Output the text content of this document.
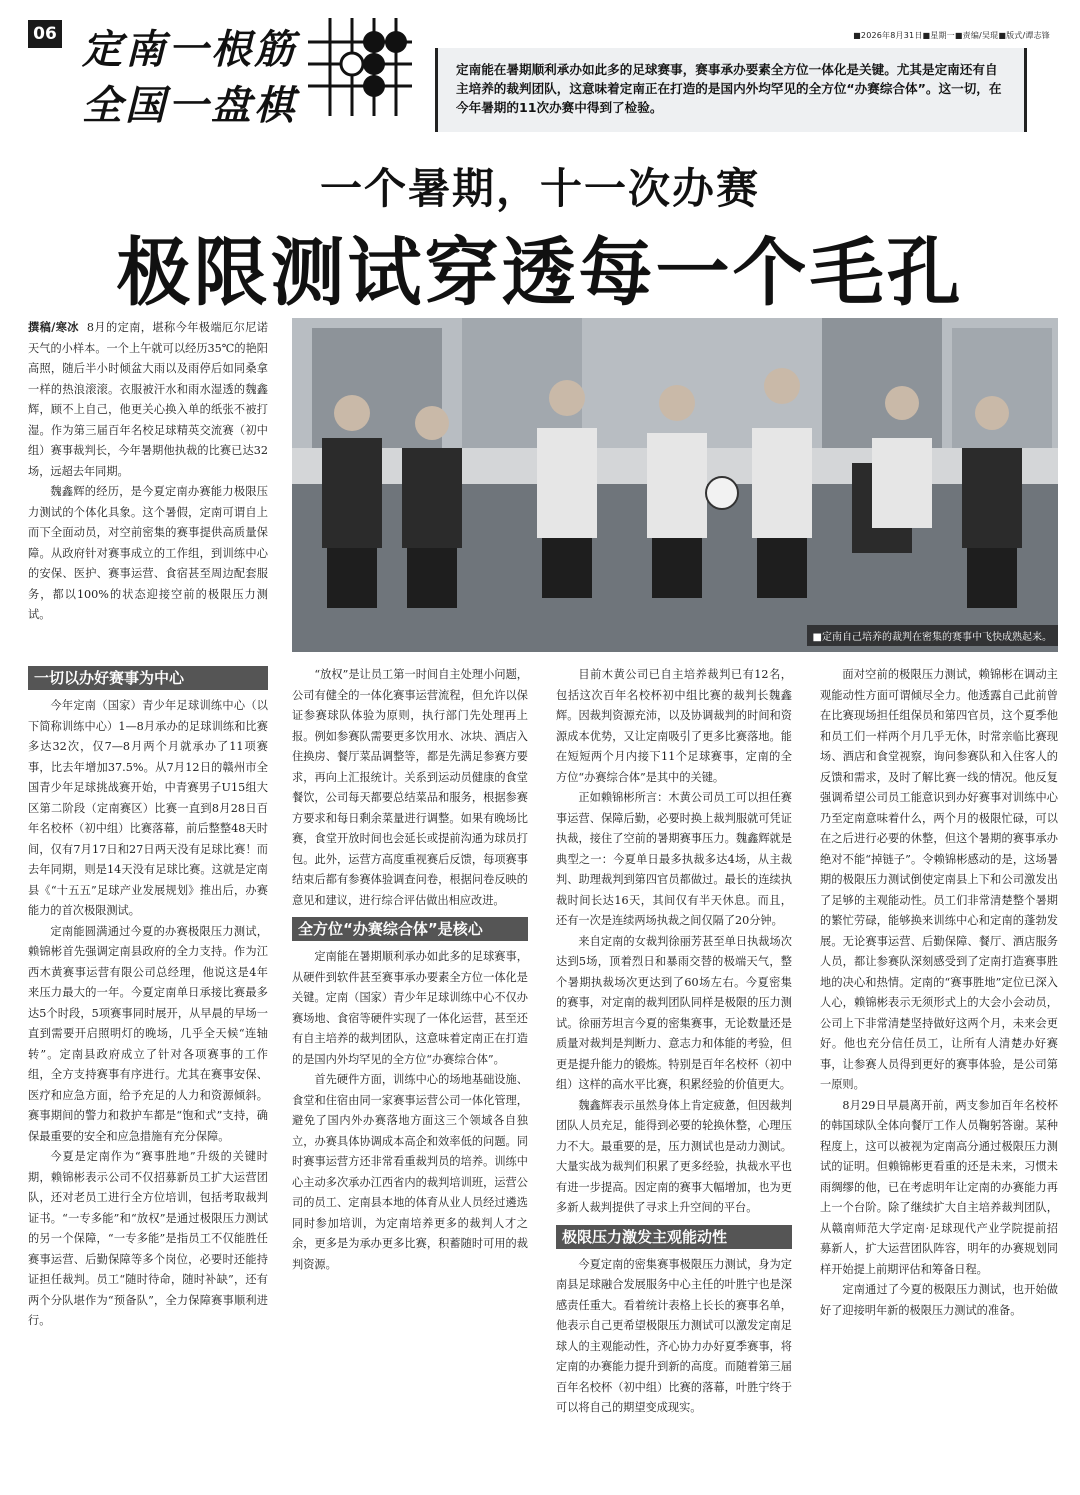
06 定南一根筋
全国一盘棋
■2026年8月31日■星期一■责编/吴琨■版式/谭志锋

定南能在暑期顺利承办如此多的足球赛事，赛事承办要素全方位一体化是关键。尤其是定南还有自主培养的裁判团队，这意味着定南正在打造的是国内外均罕见的全方位“办赛综合体”。这一切，在今年暑期的11次办赛中得到了检验。

一个暑期，十一次办赛
极限测试穿透每一个毛孔
■定南自己培养的裁判在密集的赛事中飞快成熟起来。

撰稿/寒冰 8月的定南，堪称今年极端厄尔尼诺天气的小样本。一个上午就可以经历35℃的艳阳高照，随后半小时倾盆大雨以及雨停后如同桑拿一样的热浪滚滚。衣服被汗水和雨水湿透的魏鑫辉，顾不上自己，他更关心换入单的纸张不被打湿。作为第三届百年名校足球精英交流赛（初中组）赛事裁判长，今年暑期他执裁的比赛已达32场，远超去年同期。

魏鑫辉的经历，是今夏定南办赛能力极限压力测试的个体化具象。这个暑假，定南可谓自上而下全面动员，对空前密集的赛事提供高质量保障。从政府针对赛事成立的工作组，到训练中心的安保、医护、赛事运营、食宿甚至周边配套服务，都以100%的状态迎接空前的极限压力测试。

一切以办好赛事为中心

今年定南（国家）青少年足球训练中心（以下简称训练中心）1—8月承办的足球训练和比赛多达32次，仅7—8月两个月就承办了11项赛事，比去年增加37.5%。从7月12日的赣州市全国青少年足球挑战赛开始，中青赛男子U15组大区第二阶段（定南赛区）比赛一直到8月28日百年名校杯（初中组）比赛落幕，前后整整48天时间，仅有7月17日和27日两天没有足球比赛！而去年同期，则是14天没有足球比赛。这就是定南县《“十五五”足球产业发展规划》推出后，办赛能力的首次极限测试。

定南能圆满通过今夏的办赛极限压力测试，赖锦彬首先强调定南县政府的全力支持。作为江西木黄赛事运营有限公司总经理，他说这是4年来压力最大的一年。今夏定南单日承接比赛最多达5个时段，5项赛事同时展开，从早晨的早场一直到需要开启照明灯的晚场，几乎全天候“连轴转”。定南县政府成立了针对各项赛事的工作组，全方支持赛事有序进行。尤其在赛事安保、医疗和应急方面，给予充足的人力和资源倾斜。赛事期间的警力和救护车都是“饱和式”支持，确保最重要的安全和应急措施有充分保障。

今夏是定南作为“赛事胜地”升级的关键时期，赖锦彬表示公司不仅招募新员工扩大运营团队，还对老员工进行全方位培训，包括考取裁判证书。“一专多能”和“放权”是通过极限压力测试的另一个保障，“一专多能”是指员工不仅能胜任赛事运营、后勤保障等多个岗位，必要时还能持证担任裁判。员工“随时待命，随时补缺”，还有两个分队堪作为“预备队”，全力保障赛事顺利进行。

“放权”是让员工第一时间自主处理小问题，公司有健全的一体化赛事运营流程，但允许以保证参赛球队体验为原则，执行部门先处理再上报。例如参赛队需要更多饮用水、冰块、酒店入住换房、餐厅菜品调整等，都是先满足参赛方要求，再向上汇报统计。关系到运动员健康的食堂餐饮，公司每天都要总结菜品和服务，根据参赛方要求和每日剩余菜量进行调整。如果有晚场比赛，食堂开放时间也会延长或提前沟通为球员打包。此外，运营方高度重视赛后反馈，每项赛事结束后都有参赛体验调查问卷，根据问卷反映的意见和建议，进行综合评估做出相应改进。

全方位“办赛综合体”是核心

定南能在暑期顺利承办如此多的足球赛事，从硬件到软件甚至赛事承办要素全方位一体化是关键。定南（国家）青少年足球训练中心不仅办赛场地、食宿等硬件实现了一体化运营，甚至还有自主培养的裁判团队，这意味着定南正在打造的是国内外均罕见的全方位“办赛综合体”。

首先硬件方面，训练中心的场地基础设施、食堂和住宿由同一家赛事运营公司一体化管理，避免了国内外办赛落地方面这三个领域各自独立，办赛具体协调成本高企和效率低的问题。同时赛事运营方还非常看重裁判员的培养。训练中心主动多次承办江西省内的裁判培训班，运营公司的员工、定南县本地的体育从业人员经过遴选同时参加培训，为定南培养更多的裁判人才之余，更多是为承办更多比赛，积蓄随时可用的裁判资源。

目前木黄公司已自主培养裁判已有12名，包括这次百年名校杯初中组比赛的裁判长魏鑫辉。因裁判资源充沛，以及协调裁判的时间和资源成本优势，又让定南吸引了更多比赛落地。能在短短两个月内接下11个足球赛事，定南的全方位“办赛综合体”是其中的关键。

正如赖锦彬所言：木黄公司员工可以担任赛事运营、保障后勤，必要时换上裁判服就可凭证执裁，接住了空前的暑期赛事压力。魏鑫辉就是典型之一：今夏单日最多执裁多达4场，从主裁判、助理裁判到第四官员都做过。最长的连续执裁时间长达16天，其间仅有半天休息。而且，还有一次是连续两场执裁之间仅隔了20分钟。

来自定南的女裁判徐丽芳甚至单日执裁场次达到5场，顶着烈日和暴雨交替的极端天气，整个暑期执裁场次更达到了60场左右。今夏密集的赛事，对定南的裁判团队同样是极限的压力测试。徐丽芳坦言今夏的密集赛事，无论数量还是质量对裁判是判断力、意志力和体能的考验，但更是提升能力的锻炼。特别是百年名校杯（初中组）这样的高水平比赛，积累经验的价值更大。

魏鑫辉表示虽然身体上肯定疲惫，但因裁判团队人员充足，能得到必要的轮换休整，心理压力不大。最重要的是，压力测试也是动力测试。大量实战为裁判们积累了更多经验，执裁水平也有进一步提高。因定南的赛事大幅增加，也为更多新人裁判提供了寻求上升空间的平台。

极限压力激发主观能动性

今夏定南的密集赛事极限压力测试，身为定南县足球融合发展服务中心主任的叶胜宁也是深感责任重大。看着统计表格上长长的赛事名单，他表示自己更希望极限压力测试可以激发定南足球人的主观能动性，齐心协力办好夏季赛事，将定南的办赛能力提升到新的高度。而随着第三届百年名校杯（初中组）比赛的落幕，叶胜宁终于可以将自己的期望变成现实。

面对空前的极限压力测试，赖锦彬在调动主观能动性方面可谓倾尽全力。他透露自己此前曾在比赛现场担任组保员和第四官员，这个夏季他和员工们一样两个月几乎无休，时常亲临比赛现场、酒店和食堂视察，询问参赛队和入住客人的反馈和需求，及时了解比赛一线的情况。他反复强调希望公司员工能意识到办好赛事对训练中心乃至定南意味着什么，两个月的极限忙碌，可以在之后进行必要的休整，但这个暑期的赛事承办绝对不能“掉链子”。令赖锦彬感动的是，这场暑期的极限压力测试倒使定南县上下和公司激发出了足够的主观能动性。员工们非常清楚整个暑期的繁忙劳碌，能够换来训练中心和定南的蓬勃发展。无论赛事运营、后勤保障、餐厅、酒店服务人员，都让参赛队深刻感受到了定南打造赛事胜地的决心和热情。定南的“赛事胜地”定位已深入人心，赖锦彬表示无须形式上的大会小会动员，公司上下非常清楚坚持做好这两个月，未来会更好。他也充分信任员工，让所有人清楚办好赛事，让参赛人员得到更好的赛事体验，是公司第一原则。

8月29日早晨离开前，两支参加百年名校杯的韩国球队全体向餐厅工作人员鞠躬答谢。某种程度上，这可以被视为定南高分通过极限压力测试的证明。但赖锦彬更看重的还是未来，习惯未雨绸缪的他，已在考虑明年让定南的办赛能力再上一个台阶。除了继续扩大自主培养裁判团队，从赣南师范大学定南·足球现代产业学院提前招募新人，扩大运营团队阵容，明年的办赛规划同样开始提上前期评估和筹备日程。

定南通过了今夏的极限压力测试，也开始做好了迎接明年新的极限压力测试的准备。
